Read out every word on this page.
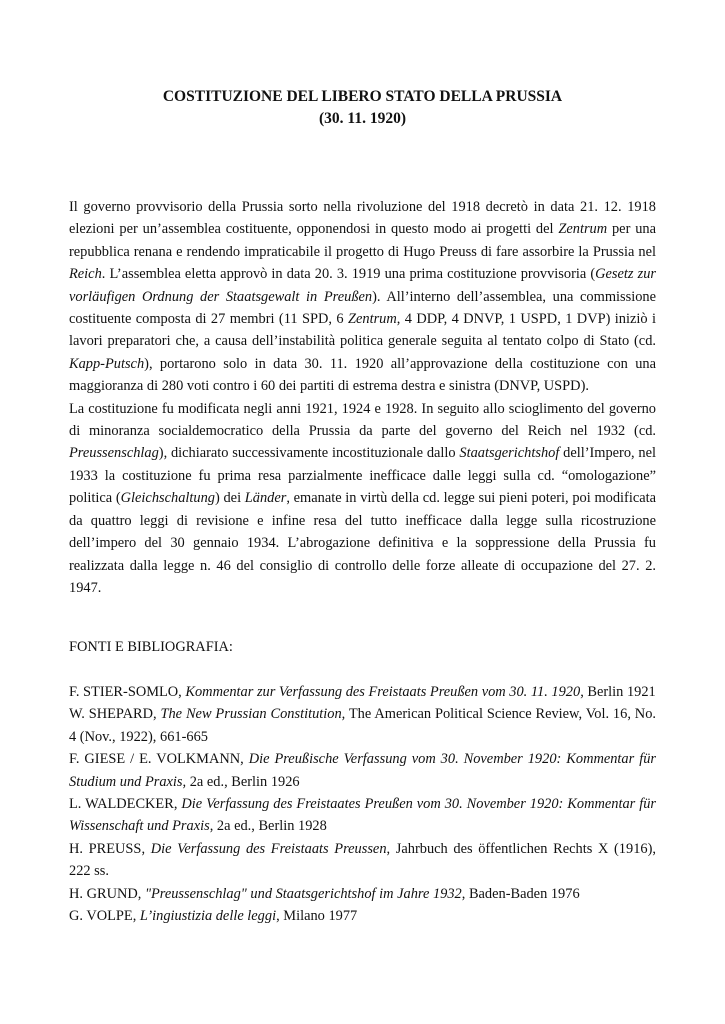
COSTITUZIONE DEL LIBERO STATO DELLA PRUSSIA
(30. 11. 1920)

Il governo provvisorio della Prussia sorto nella rivoluzione del 1918 decretò in data 21. 12. 1918 elezioni per un’assemblea costituente, opponendosi in questo modo ai progetti del Zentrum per una repubblica renana e rendendo impraticabile il progetto di Hugo Preuss di fare assorbire la Prussia nel Reich. L’assemblea eletta approvò in data 20. 3. 1919 una prima costituzione provvisoria (Gesetz zur vorläufigen Ordnung der Staatsgewalt in Preußen). All’interno dell’assemblea, una commissione costituente composta di 27 membri (11 SPD, 6 Zentrum, 4 DDP, 4 DNVP, 1 USPD, 1 DVP) iniziò i lavori preparatori che, a causa dell’instabilità politica generale seguita al tentato colpo di Stato (cd. Kapp-Putsch), portarono solo in data 30. 11. 1920 all’approvazione della costituzione con una maggioranza di 280 voti contro i 60 dei partiti di estrema destra e sinistra (DNVP, USPD).

La costituzione fu modificata negli anni 1921, 1924 e 1928. In seguito allo scioglimento del governo di minoranza socialdemocratico della Prussia da parte del governo del Reich nel 1932 (cd. Preussenschlag), dichiarato successivamente incostituzionale dallo Staatsgerichtshof dell’Impero, nel 1933 la costituzione fu prima resa parzialmente inefficace dalle leggi sulla cd. “omologazione” politica (Gleichschaltung) dei Länder, emanate in virtù della cd. legge sui pieni poteri, poi modificata da quattro leggi di revisione e infine resa del tutto inefficace dalla legge sulla ricostruzione dell’impero del 30 gennaio 1934. L’abrogazione definitiva e la soppressione della Prussia fu realizzata dalla legge n. 46 del consiglio di controllo delle forze alleate di occupazione del 27. 2. 1947.

FONTI E BIBLIOGRAFIA:
F. STIER-SOMLO, Kommentar zur Verfassung des Freistaats Preußen vom 30. 11. 1920, Berlin 1921
W. SHEPARD, The New Prussian Constitution, The American Political Science Review, Vol. 16, No. 4 (Nov., 1922), 661-665
F. GIESE / E. VOLKMANN, Die Preußische Verfassung vom 30. November 1920: Kommentar für Studium und Praxis, 2a ed., Berlin 1926
L. WALDECKER, Die Verfassung des Freistaates Preußen vom 30. November 1920: Kommentar für Wissenschaft und Praxis, 2a ed., Berlin 1928
H. PREUSS, Die Verfassung des Freistaats Preussen, Jahrbuch des öffentlichen Rechts X (1916), 222 ss.
H. GRUND, "Preussenschlag" und Staatsgerichtshof im Jahre 1932, Baden-Baden 1976
G. VOLPE, L’ingiustizia delle leggi, Milano 1977
